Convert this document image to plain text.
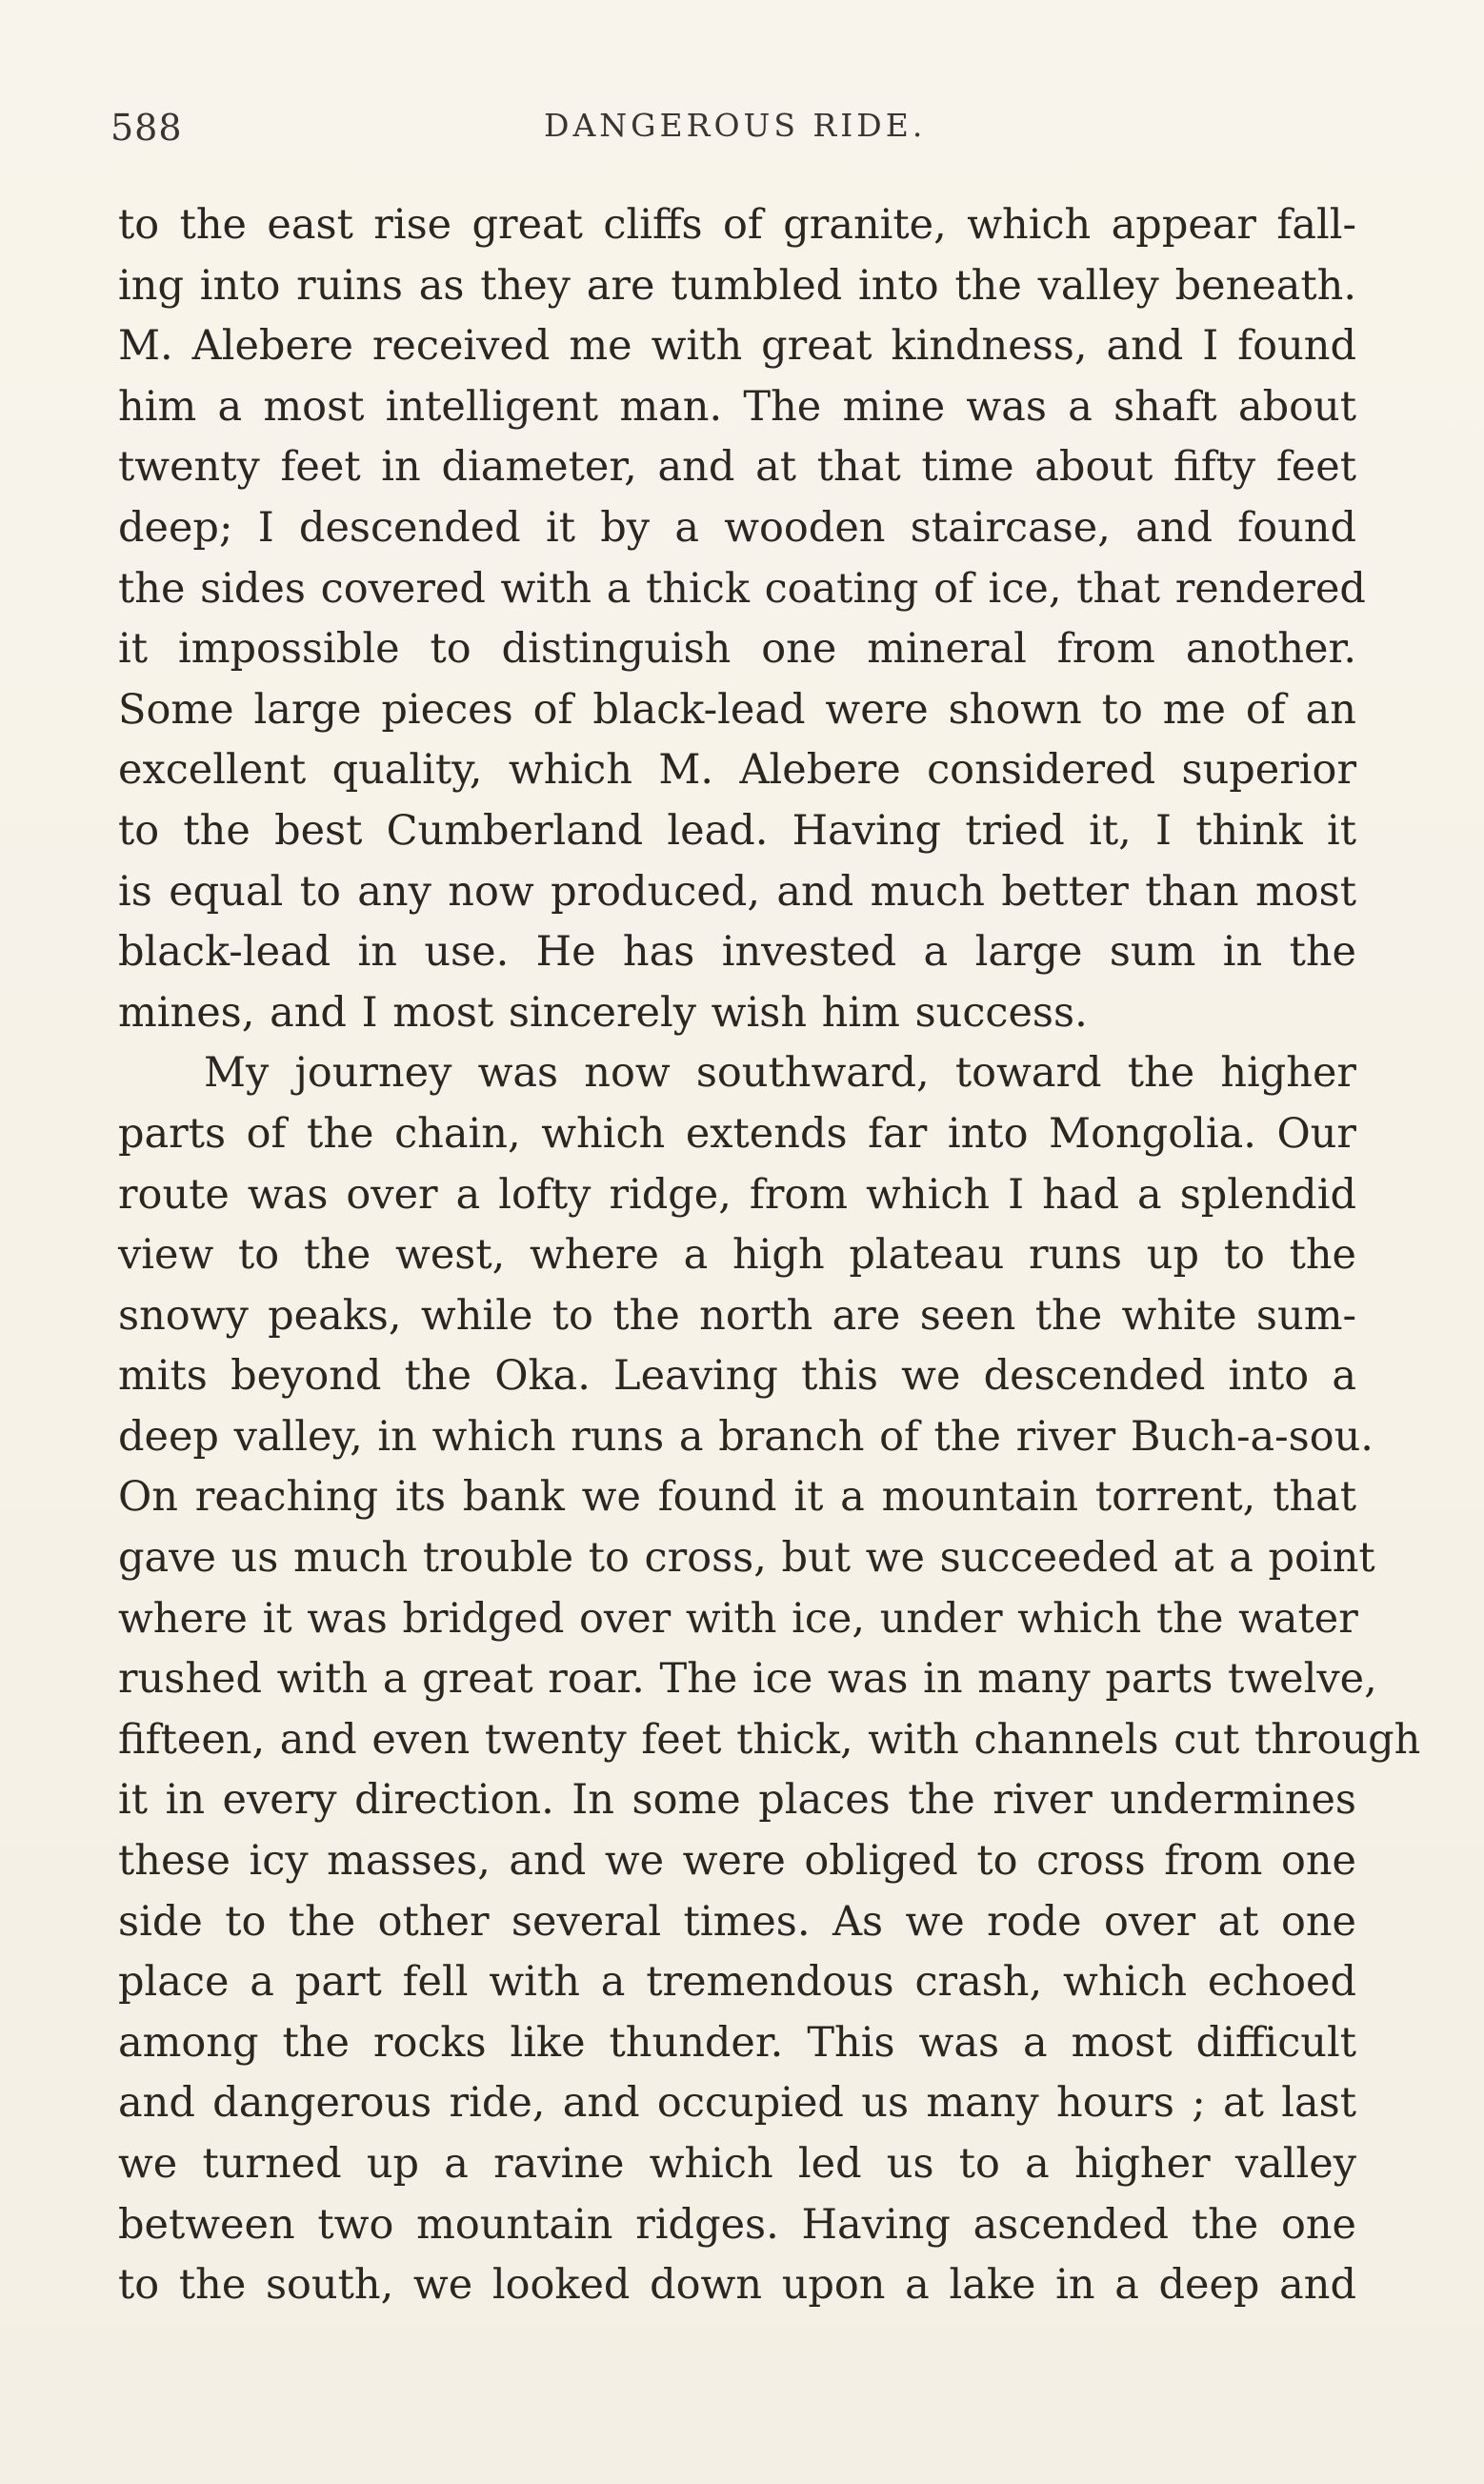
588	DANGEROUS RIDE.
to the east rise great cliffs of granite, which appear fall-
ing into ruins as they are tumbled into the valley beneath.
M. Alebere received me with great kindness, and I found
him a most intelligent man. The mine was a shaft about
twenty feet in diameter, and at that time about fifty feet
deep; I descended it by a wooden staircase, and found
the sides covered with a thick coating of ice, that rendered
it impossible to distinguish one mineral from another.
Some large pieces of black-lead were shown to me of an
excellent quality, which M. Alebere considered superior
to the best Cumberland lead. Having tried it, I think it
is equal to any now produced, and much better than most
black-lead in use. He has invested a large sum in the
mines, and I most sincerely wish him success.
My journey was now southward, toward the higher
parts of the chain, which extends far into Mongolia. Our
route was over a lofty ridge, from which I had a splendid
view to the west, where a high plateau runs up to the
snowy peaks, while to the north are seen the white sum-
mits beyond the Oka. Leaving this we descended into a
deep valley, in which runs a branch of the river Buch-a-sou.
On reaching its bank we found it a mountain torrent, that
gave us much trouble to cross, but we succeeded at a point
where it was bridged over with ice, under which the water
rushed with a great roar. The ice was in many parts twelve,
fifteen, and even twenty feet thick, with channels cut through
it in every direction. In some places the river undermines
these icy masses, and we were obliged to cross from one
side to the other several times. As we rode over at one
place a part fell with a tremendous crash, which echoed
among the rocks like thunder. This was a most difficult
and dangerous ride, and occupied us many hours ; at last
we turned up a ravine which led us to a higher valley
between two mountain ridges. Having ascended the one
to the south, we looked down upon a lake in a deep and
